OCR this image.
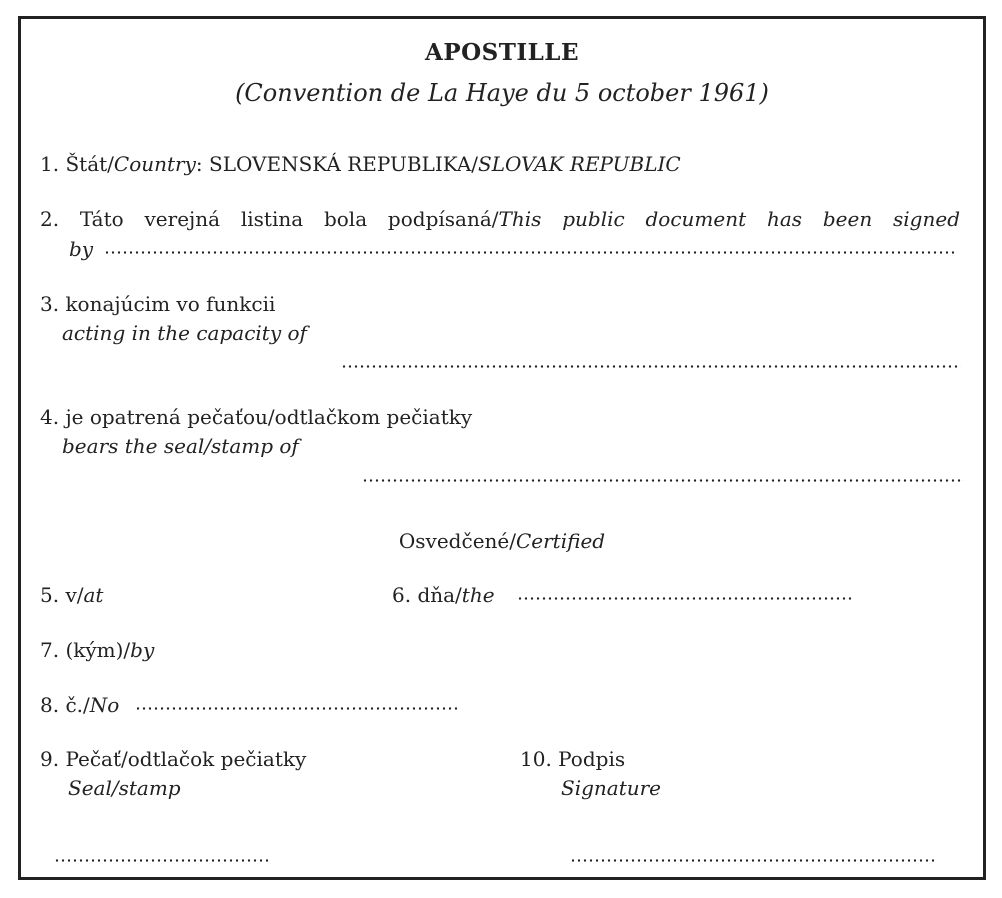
APOSTILLE
(Convention de La Haye du 5 october 1961)
1. Štát/Country: SLOVENSKÁ REPUBLIKA/SLOVAK REPUBLIC
2. Táto verejná listina bola podpísaná/This public document has been signed
by
3. konajúcim vo funkcii
acting in the capacity of
4. je opatrená pečaťou/odtlačkom pečiatky
bears the seal/stamp of
Osvedčené/Certified
5. v/at	6. dňa/the
7. (kým)/by
8. č./No
9. Pečať/odtlačok pečiatky
Seal/stamp
10. Podpis
Signature
